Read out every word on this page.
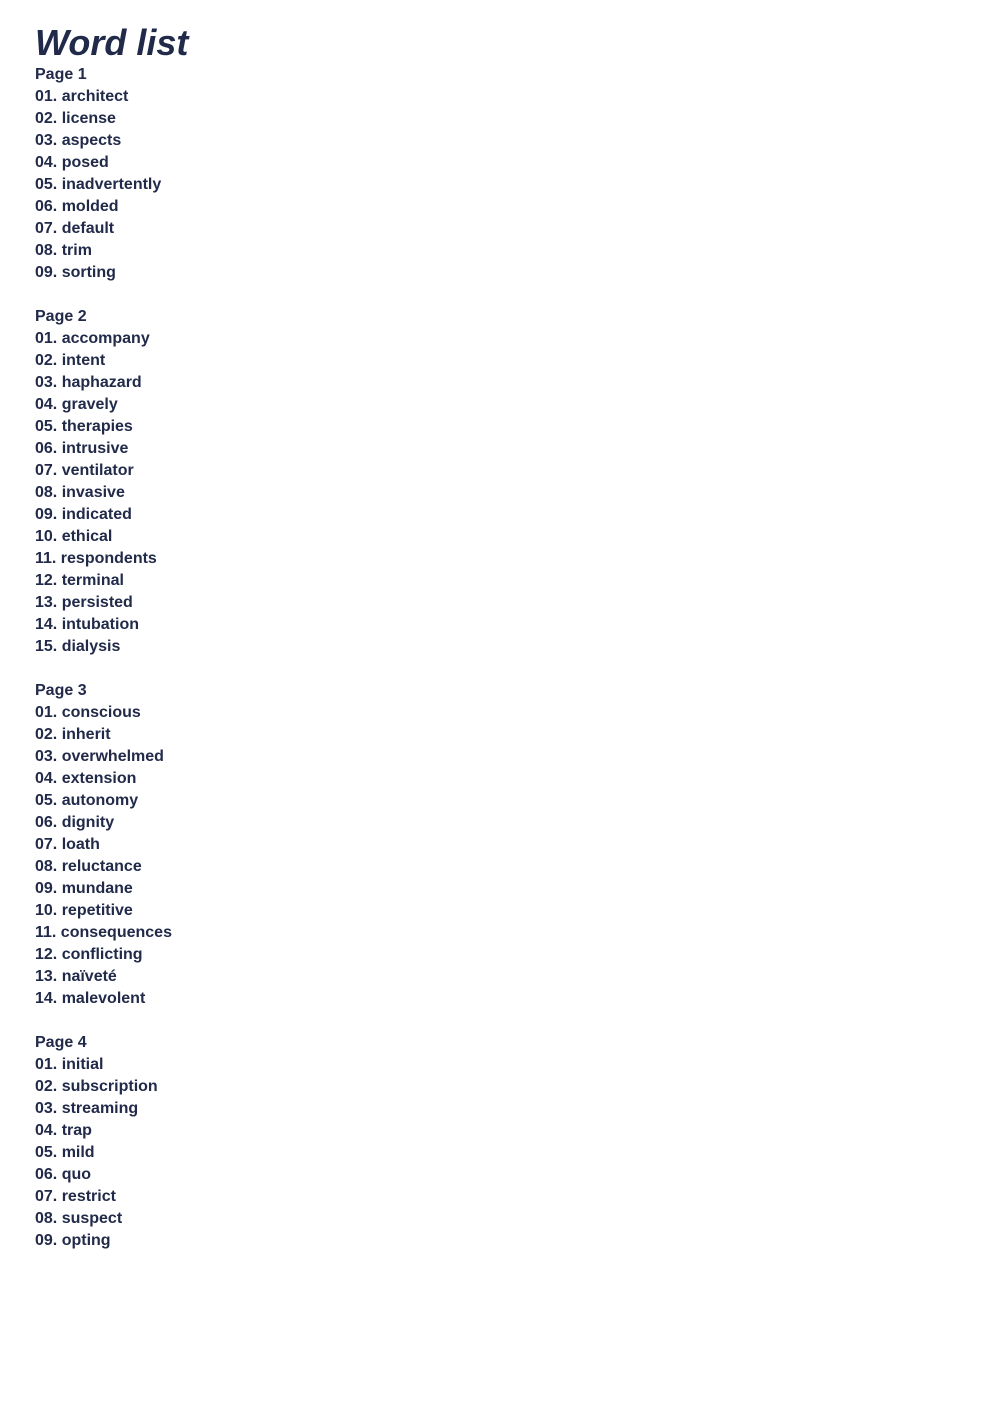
Word list
Page 1
01. architect
02. license
03. aspects
04. posed
05. inadvertently
06. molded
07. default
08. trim
09. sorting
Page 2
01. accompany
02. intent
03. haphazard
04. gravely
05. therapies
06. intrusive
07. ventilator
08. invasive
09. indicated
10. ethical
11. respondents
12. terminal
13. persisted
14. intubation
15. dialysis
Page 3
01. conscious
02. inherit
03. overwhelmed
04. extension
05. autonomy
06. dignity
07. loath
08. reluctance
09. mundane
10. repetitive
11. consequences
12. conflicting
13. naïveté
14. malevolent
Page 4
01. initial
02. subscription
03. streaming
04. trap
05. mild
06. quo
07. restrict
08. suspect
09. opting
